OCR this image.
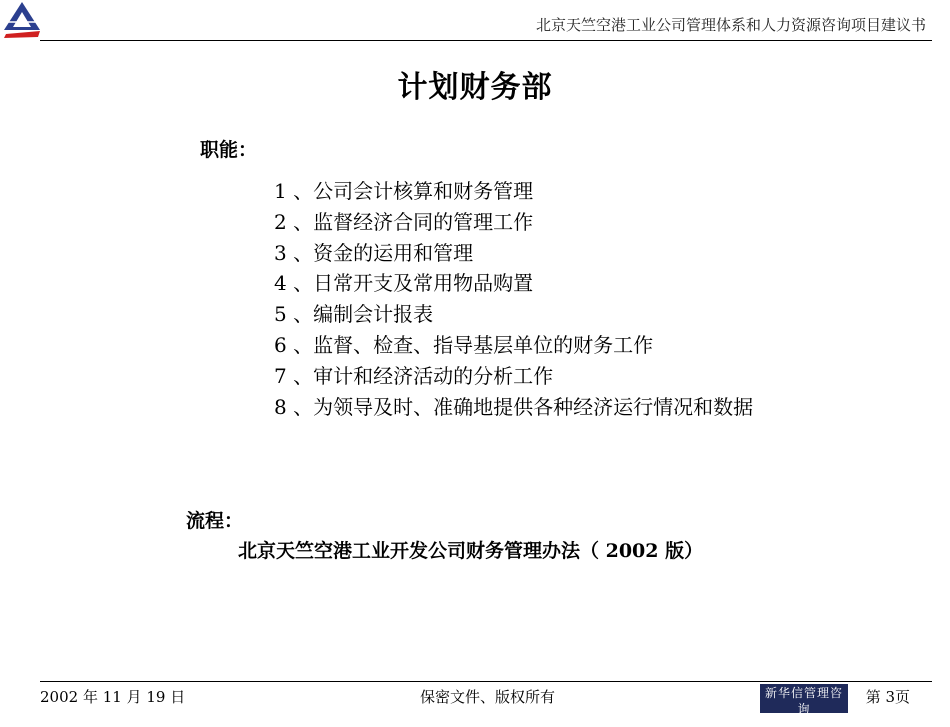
北京天竺空港工业公司管理体系和人力资源咨询项目建议书
计划财务部
职能：
1 、公司会计核算和财务管理
2 、监督经济合同的管理工作
3 、资金的运用和管理
4 、日常开支及常用物品购置
5 、编制会计报表
6 、监督、检查、指导基层单位的财务工作
7 、审计和经济活动的分析工作
8 、为领导及时、准确地提供各种经济运行情况和数据
流程：
北京天竺空港工业开发公司财务管理办法（ 2002 版）
2002 年 11 月 19 日	保密文件、版权所有	新华信管理咨询
SINOTRUST
第 3页
